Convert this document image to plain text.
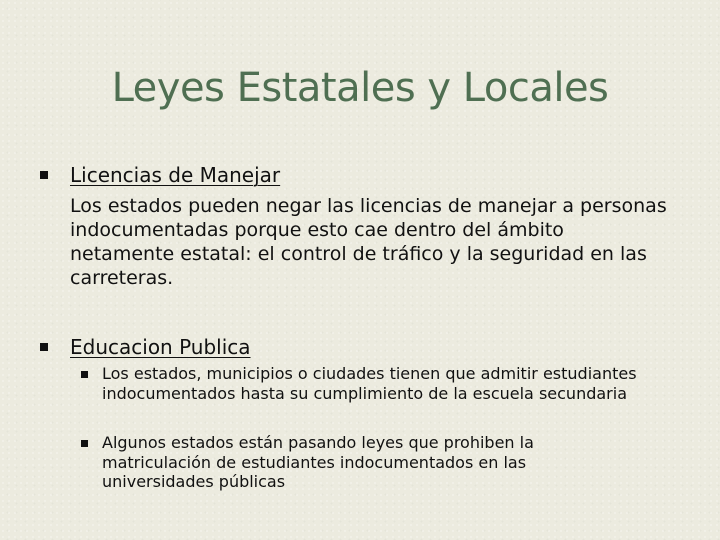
Leyes Estatales y Locales
Licencias de Manejar
Los estados pueden negar las licencias de manejar a personas indocumentadas porque esto cae dentro del ámbito netamente estatal: el control de tráfico y la seguridad en las carreteras.
Educacion Publica
Los estados, municipios o ciudades tienen que admitir estudiantes indocumentados hasta su cumplimiento de la escuela secundaria
Algunos estados están pasando leyes que prohiben la matriculación de estudiantes indocumentados en las universidades públicas
